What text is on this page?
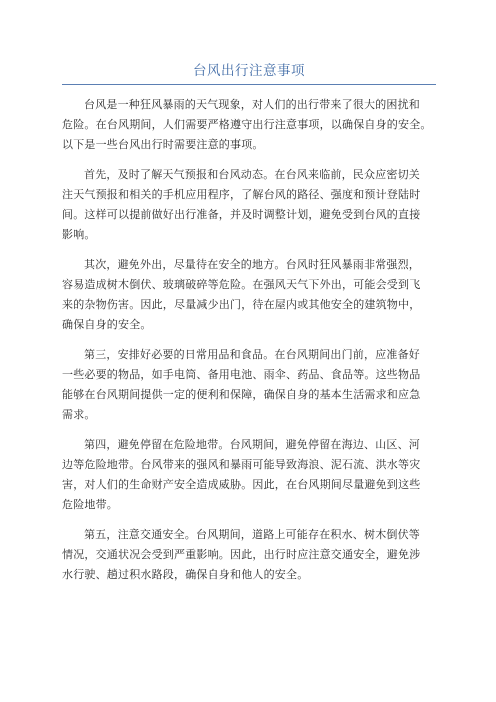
台风出行注意事项

台风是一种狂风暴雨的天气现象，对人们的出行带来了很大的困扰和
危险。在台风期间，人们需要严格遵守出行注意事项，以确保自身的安全。
以下是一些台风出行时需要注意的事项。

首先，及时了解天气预报和台风动态。在台风来临前，民众应密切关
注天气预报和相关的手机应用程序，了解台风的路径、强度和预计登陆时
间。这样可以提前做好出行准备，并及时调整计划，避免受到台风的直接
影响。

其次，避免外出，尽量待在安全的地方。台风时狂风暴雨非常强烈，
容易造成树木倒伏、玻璃破碎等危险。在强风天气下外出，可能会受到飞
来的杂物伤害。因此，尽量减少出门，待在屋内或其他安全的建筑物中，
确保自身的安全。

第三，安排好必要的日常用品和食品。在台风期间出门前，应准备好
一些必要的物品，如手电筒、备用电池、雨伞、药品、食品等。这些物品
能够在台风期间提供一定的便利和保障，确保自身的基本生活需求和应急
需求。

第四，避免停留在危险地带。台风期间，避免停留在海边、山区、河
边等危险地带。台风带来的强风和暴雨可能导致海浪、泥石流、洪水等灾
害，对人们的生命财产安全造成威胁。因此，在台风期间尽量避免到这些
危险地带。

第五，注意交通安全。台风期间，道路上可能存在积水、树木倒伏等
情况，交通状况会受到严重影响。因此，出行时应注意交通安全，避免涉
水行驶、趟过积水路段，确保自身和他人的安全。
